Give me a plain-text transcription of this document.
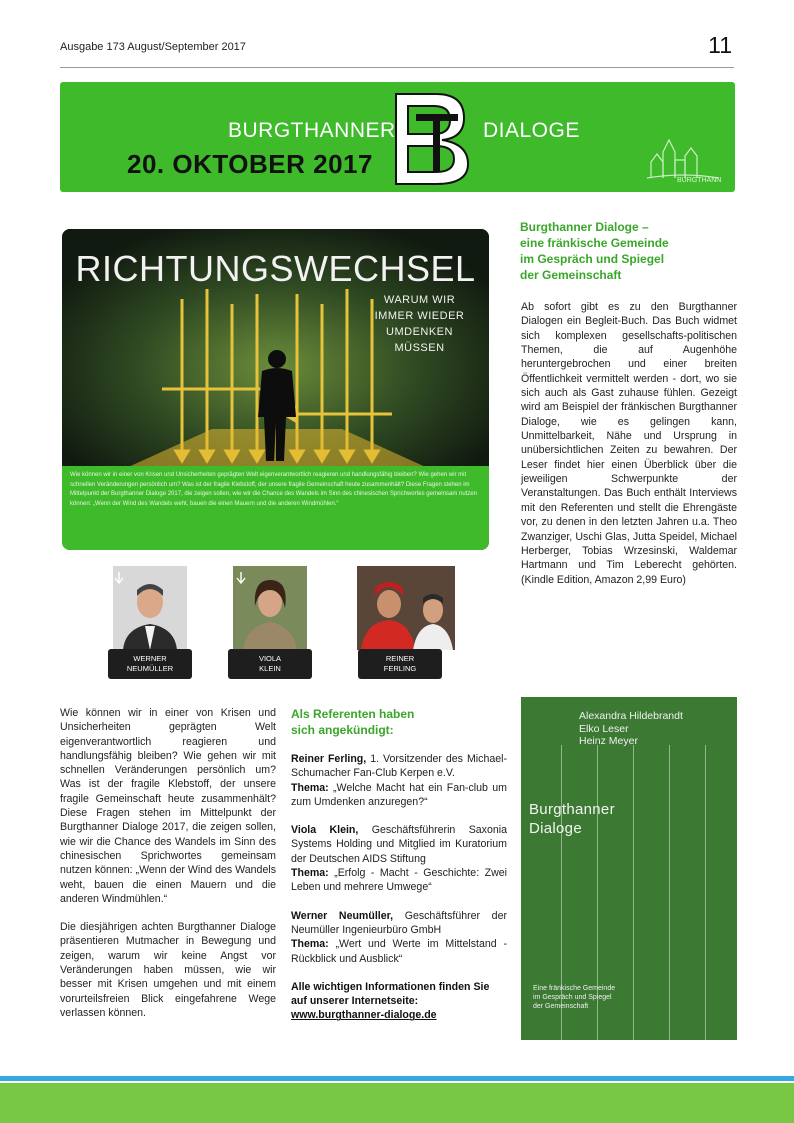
Ausgabe 173 August/September 2017	11
BURGTHANNER	DIALOGE
20. OKTOBER 2017
BURGTHANN
RICHTUNGSWECHSEL
WARUM WIR
IMMER WIEDER
UMDENKEN
MÜSSEN
Wie können wir in einer von Krisen und Unsicherheiten geprägten Welt eigenverantwortlich reagieren und handlungsfähig bleiben? Wie gehen wir mit schnellen Veränderungen persönlich um? Was ist der fragile Klebstoff, der unsere fragile Gemeinschaft heute zusammenhält? Diese Fragen stehen im Mittelpunkt der Burgthanner Dialoge 2017, die zeigen sollen, wie wir die Chance des Wandels im Sinn des chinesischen Sprichwortes gemeinsam nutzen können: „Wenn der Wind des Wandels weht, bauen die einen Mauern und die anderen Windmühlen.“
WERNER
NEUMÜLLER
VIOLA
KLEIN
REINER
FERLING
Burgthanner Dialoge –
eine fränkische Gemeinde
im Gespräch und Spiegel
der Gemeinschaft
Ab sofort gibt es zu den Burgthanner Dialogen ein Begleit-Buch. Das Buch widmet sich komplexen gesellschafts-politischen Themen, die auf Augenhöhe heruntergebrochen und einer breiten Öffentlichkeit vermittelt werden - dort, wo sie sich auch als Gast zuhause fühlen. Gezeigt wird am Beispiel der fränkischen Burgthanner Dialoge, wie es gelingen kann, Unmittelbarkeit, Nähe und Ursprung in unübersichtlichen Zeiten zu bewahren. Der Leser findet hier einen Überblick über die jeweiligen Schwerpunkte der Veranstaltungen. Das Buch enthält Interviews mit den Referenten und stellt die Ehrengäste vor, zu denen in den letzten Jahren u.a. Theo Zwanziger, Uschi Glas, Jutta Speidel, Michael Herberger, Tobias Wrzesinski, Waldemar Hartmann und Tim Leberecht gehörten. (Kindle Edition, Amazon 2,99 Euro)

Wie können wir in einer von Krisen und Unsicherheiten geprägten Welt eigenverantwortlich reagieren und handlungsfähig bleiben? Wie gehen wir mit schnellen Veränderungen persönlich um? Was ist der fragile Klebstoff, der unsere fragile Gemeinschaft heute zusammenhält? Diese Fragen stehen im Mittelpunkt der Burgthanner Dialoge 2017, die zeigen sollen, wie wir die Chance des Wandels im Sinn des chinesischen Sprichwortes gemeinsam nutzen können: „Wenn der Wind des Wandels weht, bauen die einen Mauern und die anderen Windmühlen.“

Die diesjährigen achten Burgthanner Dialoge präsentieren Mutmacher in Bewegung und zeigen, warum wir keine Angst vor Veränderungen haben müssen, wie wir besser mit Krisen umgehen und mit einem vorurteilsfreien Blick eingefahrene Wege verlassen können.

Als Referenten haben
sich angekündigt:
Reiner Ferling, 1. Vorsitzender des Michael-Schumacher Fan-Club Kerpen e.V.
Thema: „Welche Macht hat ein Fan-club um zum Umdenken anzuregen?“
Viola Klein, Geschäftsführerin Saxonia Systems Holding und Mitglied im Kuratorium der Deutschen AIDS Stiftung
Thema: „Erfolg - Macht - Geschichte: Zwei Leben und mehrere Umwege“
Werner Neumüller, Geschäftsführer der Neumüller Ingenieurbüro GmbH
Thema: „Wert und Werte im Mittelstand - Rückblick und Ausblick“
Alle wichtigen Informationen finden Sie auf unserer Internetseite:
www.burgthanner-dialoge.de
Alexandra Hildebrandt
Elko Leser
Heinz Meyer
Burgthanner
Dialoge
Eine fränkische Gemeinde
im Gespräch und Spiegel
der Gemeinschaft
